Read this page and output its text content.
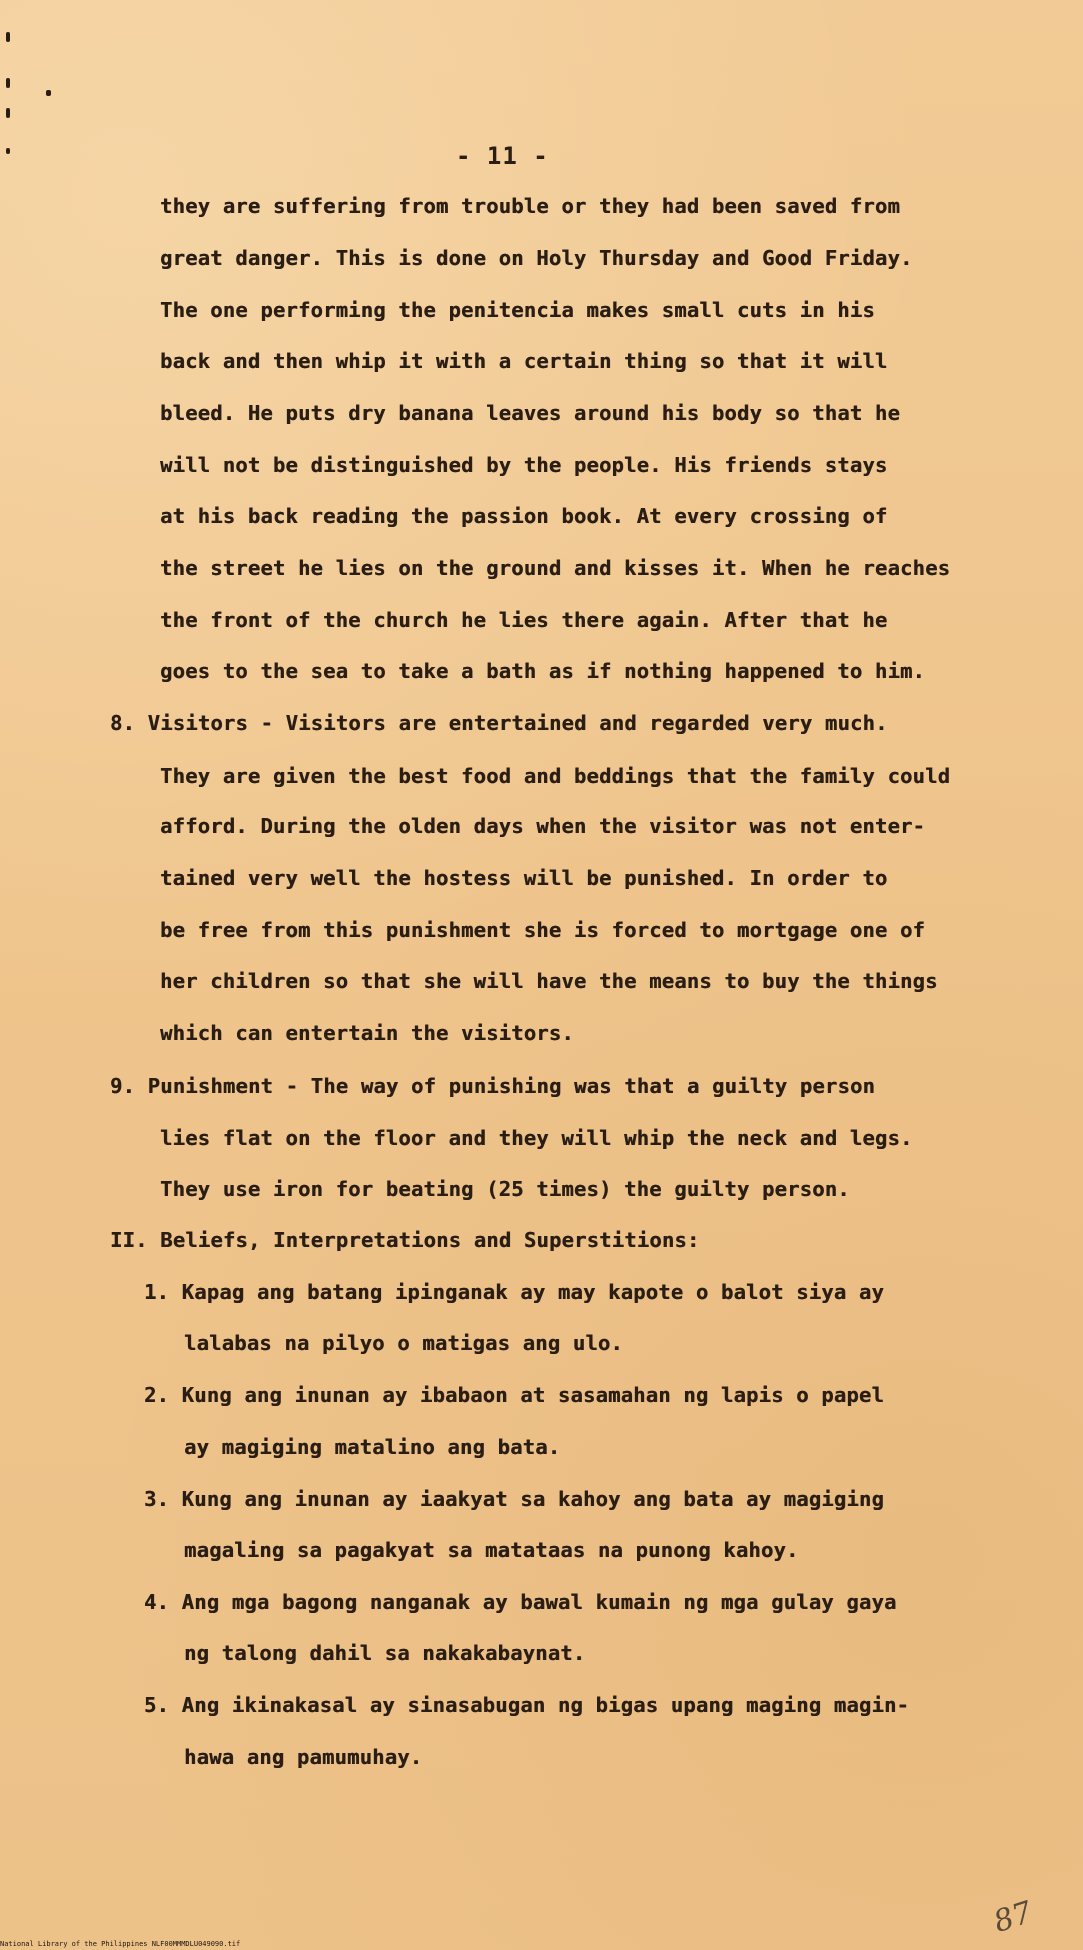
- 11 -
they are suffering from trouble or they had been saved from
great danger. This is done on Holy Thursday and Good Friday.
The one performing the penitencia makes small cuts in his
back and then whip it with a certain thing so that it will
bleed. He puts dry banana leaves around his body so that he
will not be distinguished by the people. His friends stays
at his back reading the passion book. At every crossing of
the street he lies on the ground and kisses it. When he reaches
the front of the church he lies there again. After that he
goes to the sea to take a bath as if nothing happened to him.
8. Visitors - Visitors are entertained and regarded very much.
They are given the best food and beddings that the family could
afford. During the olden days when the visitor was not enter-
tained very well the hostess will be punished. In order to
be free from this punishment she is forced to mortgage one of
her children so that she will have the means to buy the things
which can entertain the visitors.
9. Punishment - The way of punishing was that a guilty person
lies flat on the floor and they will whip the neck and legs.
They use iron for beating (25 times) the guilty person.
II. Beliefs, Interpretations and Superstitions:
1. Kapag ang batang ipinganak ay may kapote o balot siya ay
lalabas na pilyo o matigas ang ulo.
2. Kung ang inunan ay ibabaon at sasamahan ng lapis o papel
ay magiging matalino ang bata.
3. Kung ang inunan ay iaakyat sa kahoy ang bata ay magiging
magaling sa pagakyat sa matataas na punong kahoy.
4. Ang mga bagong nanganak ay bawal kumain ng mga gulay gaya
ng talong dahil sa nakakabaynat.
5. Ang ikinakasal ay sinasabugan ng bigas upang maging magin-
hawa ang pamumuhay.
National Library of the Philippines NLF00MMMDLU049090.tif
87
